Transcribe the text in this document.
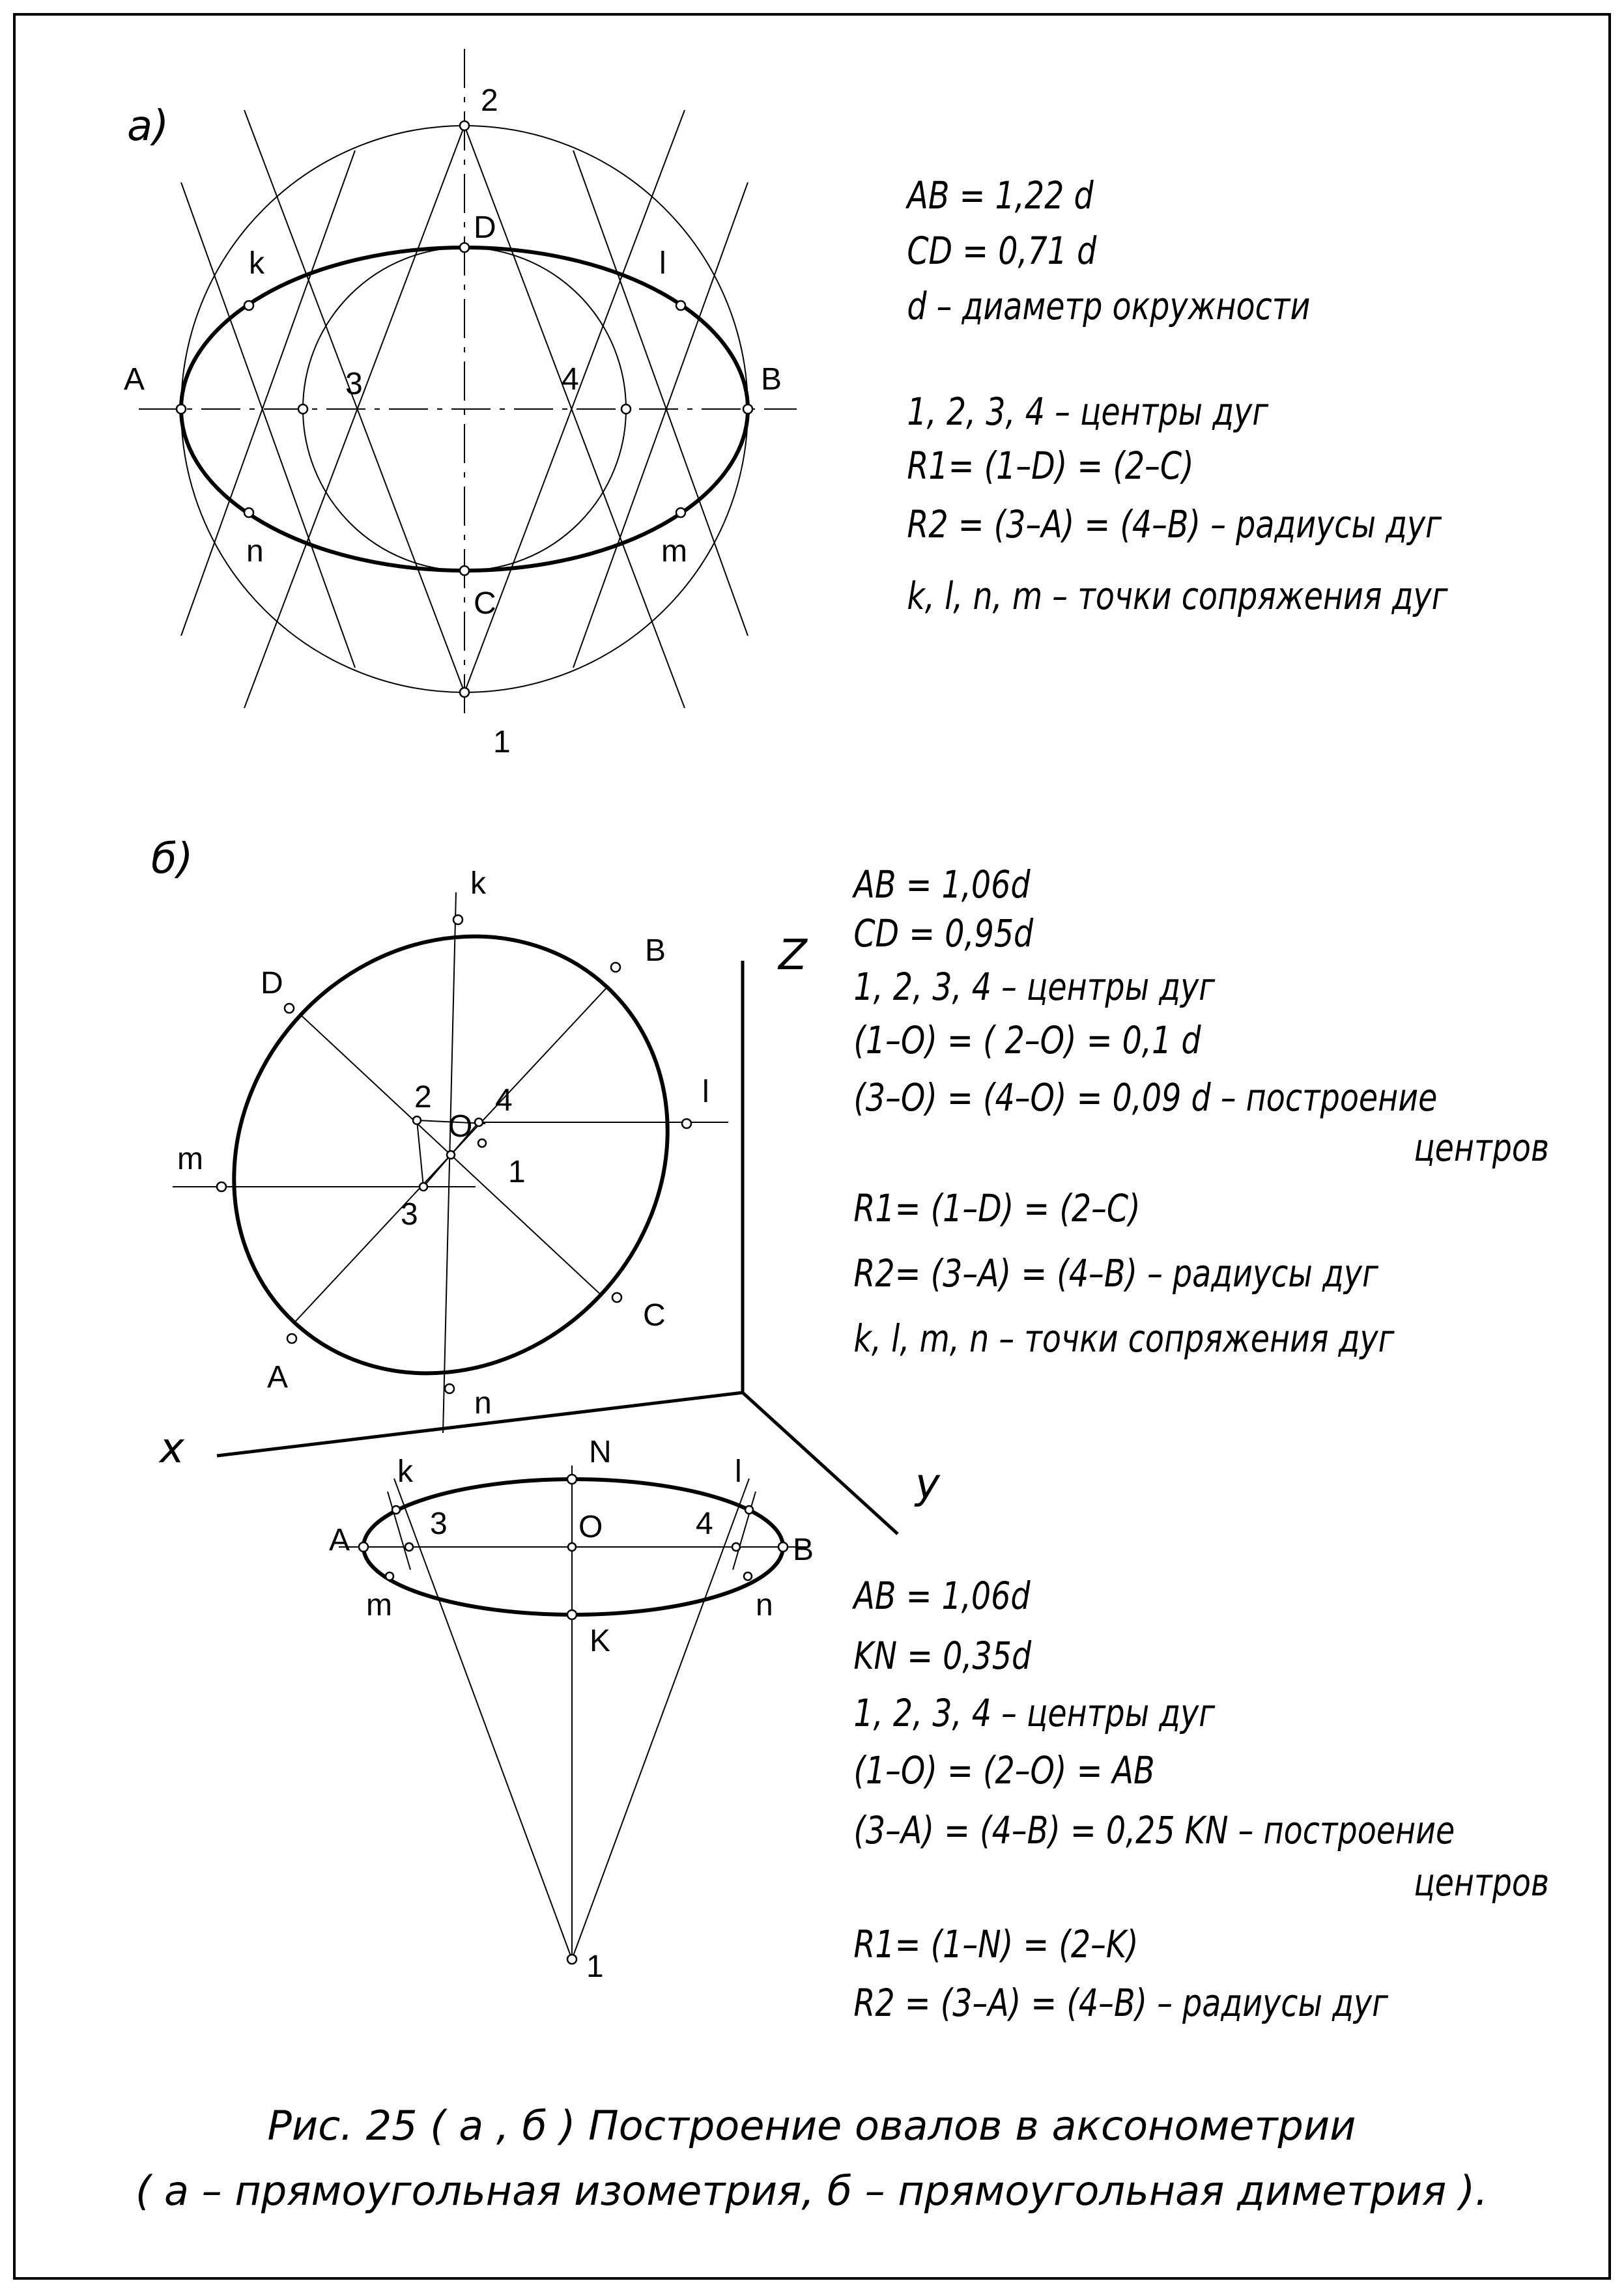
а)
A	B
D
C
2
1
3	4
k	l
n	m
AB = 1,22 d
CD = 0,71 d
d – диаметр окружности
1, 2, 3, 4 – центры дуг
R1= (1–D) = (2–C)
R2 = (3–A) = (4–B) – радиусы дуг
k, l, n, m – точки сопряжения дуг
б)
Z
x
y
k
B
D
l
2 4
O
1
3
m
C
A
n
N
k	l
A	B
3	4
O
m	n
K
1
AB = 1,06d
CD = 0,95d
1, 2, 3, 4 – центры дуг
(1–O) = ( 2–O) = 0,1 d
(3–O) = (4–O) = 0,09 d – построение
центров
R1= (1–D) = (2–C)
R2= (3–A) = (4–B) – радиусы дуг
k, l, m, n – точки сопряжения дуг
AB = 1,06d
KN = 0,35d
1, 2, 3, 4 – центры дуг
(1–O) = (2–O) = AB
(3–A) = (4–B) = 0,25 KN – построение
центров
R1= (1–N) = (2–K)
R2 = (3–A) = (4–B) – радиусы дуг
Рис. 25 ( а , б ) Построение овалов в аксонометрии
( а – прямоугольная изометрия, б – прямоугольная диметрия ).
